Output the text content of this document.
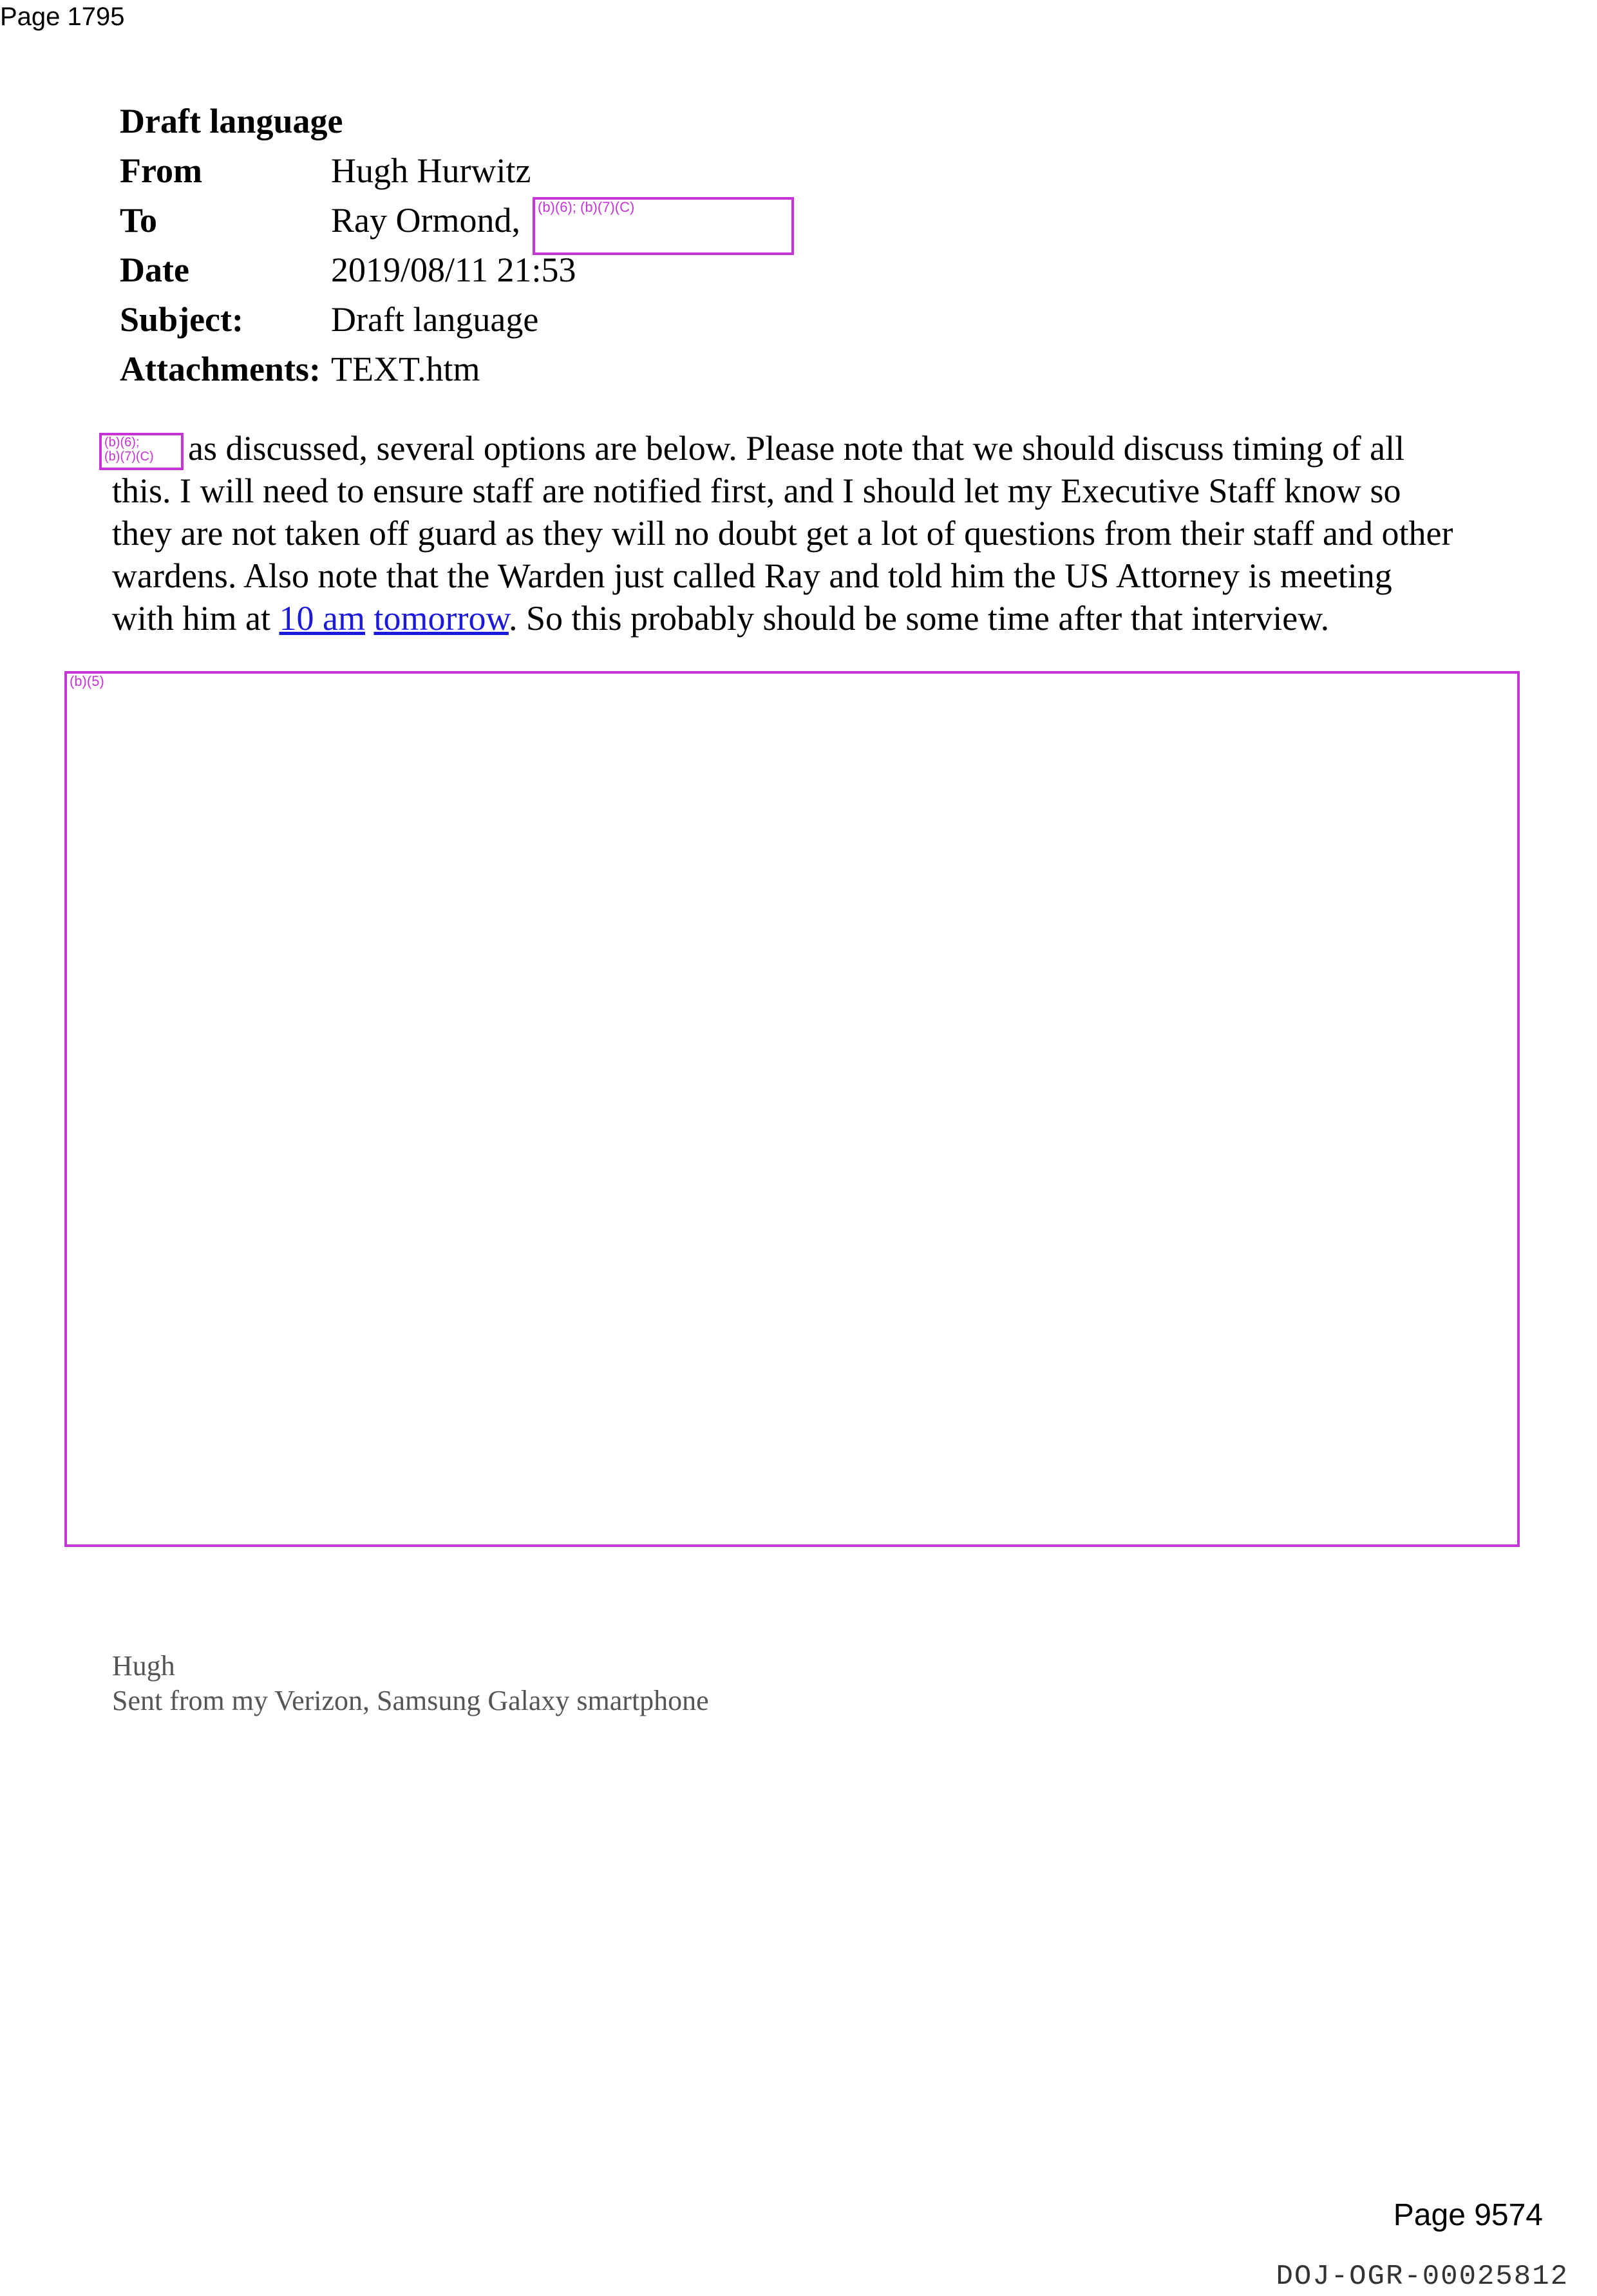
Page 1795
Draft language
From	Hugh Hurwitz
To	Ray Ormond,
Date	2019/08/11 21:53
Subject:	Draft language
Attachments: TEXT.htm
(b)(6); (b)(7)(C)
(b)(6);
(b)(7)(C) as discussed, several options are below. Please note that we should discuss timing of all
this. I will need to ensure staff are notified first, and I should let my Executive Staff know so
they are not taken off guard as they will no doubt get a lot of questions from their staff and other
wardens. Also note that the Warden just called Ray and told him the US Attorney is meeting
with him at 10 am tomorrow. So this probably should be some time after that interview.
(b)(5)
Hugh
Sent from my Verizon, Samsung Galaxy smartphone
Page 9574
DOJ-OGR-00025812
